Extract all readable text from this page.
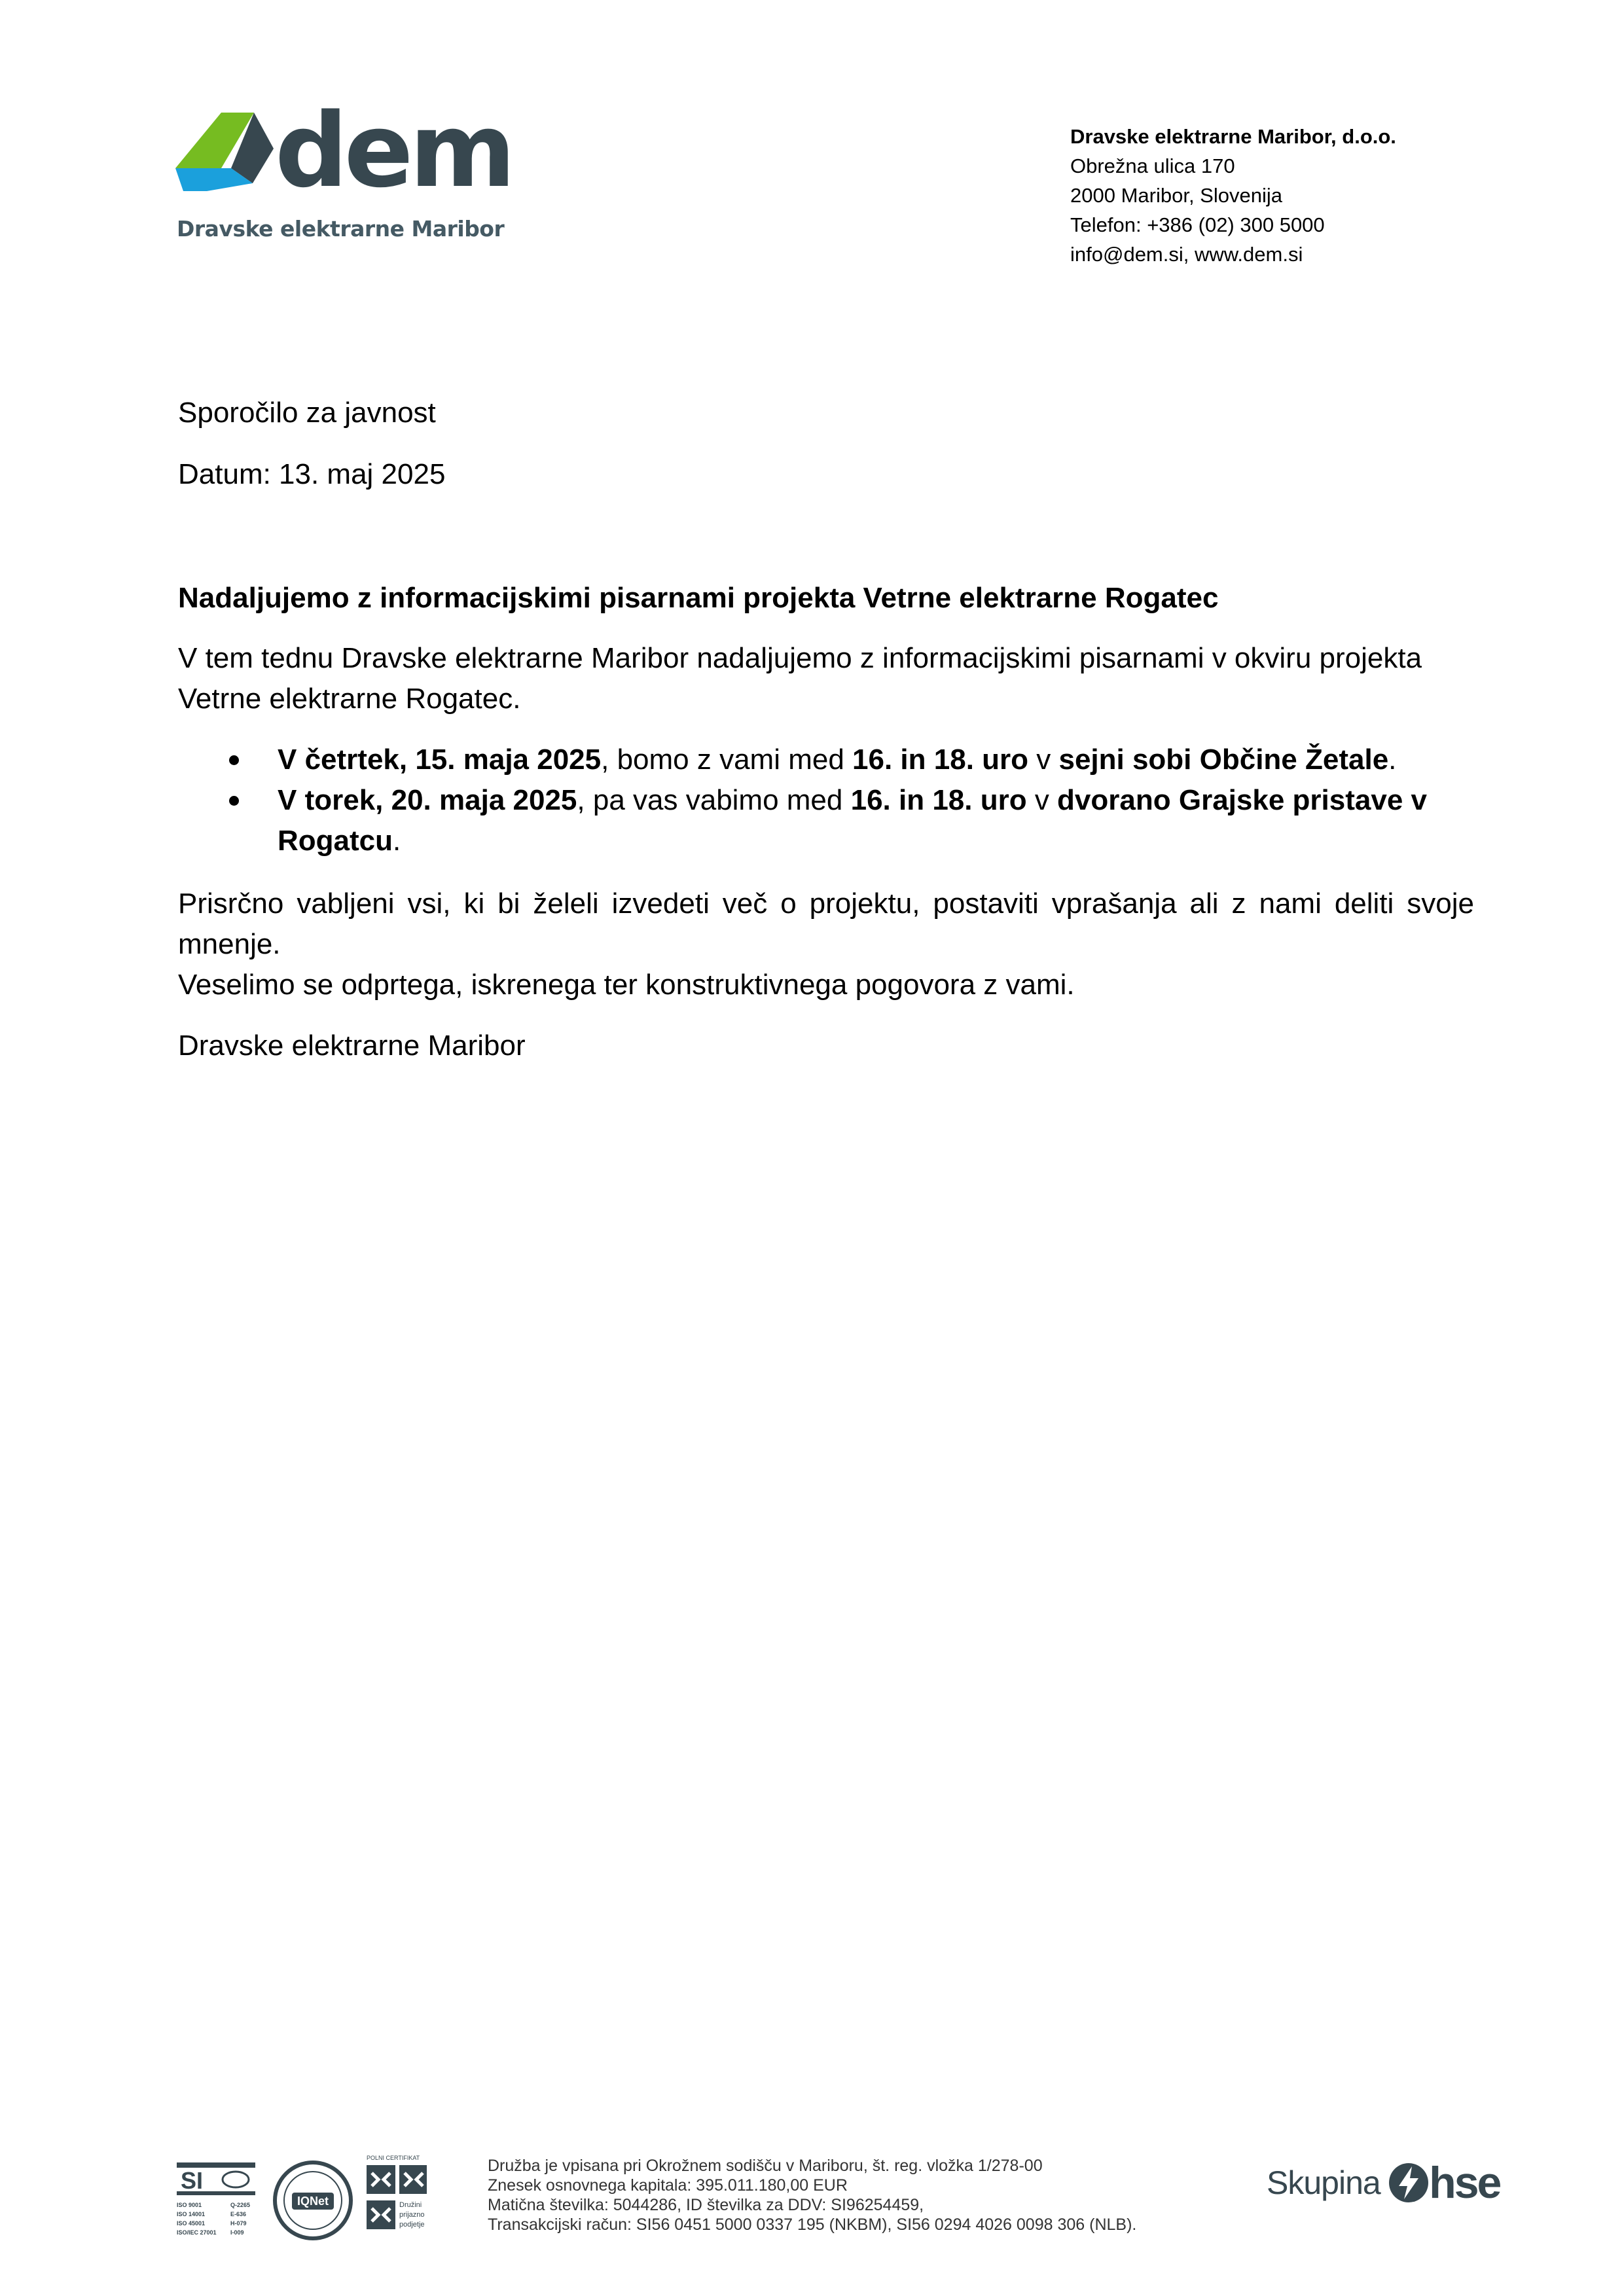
dem
Dravske elektrarne Maribor
Dravske elektrarne Maribor, d.o.o.
Obrežna ulica 170
2000 Maribor, Slovenija
Telefon: +386 (02) 300 5000
info@dem.si, www.dem.si
Sporočilo za javnost
Datum: 13. maj 2025
Nadaljujemo z informacijskimi pisarnami projekta Vetrne elektrarne Rogatec
V tem tednu Dravske elektrarne Maribor nadaljujemo z informacijskimi pisarnami v okviru projekta Vetrne elektrarne Rogatec.
V četrtek, 15. maja 2025, bomo z vami med 16. in 18. uro v sejni sobi Občine Žetale.
V torek, 20. maja 2025, pa vas vabimo med 16. in 18. uro v dvorano Grajske pristave v Rogatcu.
Prisrčno vabljeni vsi, ki bi želeli izvedeti več o projektu, postaviti vprašanja ali z nami deliti svoje mnenje.
Veselimo se odprtega, iskrenega ter konstruktivnega pogovora z vami.
Dravske elektrarne Maribor
SI
ISO 9001
ISO 14001
ISO 45001
ISO/IEC 27001
Q-2265
E-636
H-079
I-009
IQNet
POLNI CERTIFIKAT
Družini
prijazno
podjetje
Družba je vpisana pri Okrožnem sodišču v Mariboru, št. reg. vložka 1/278-00
Znesek osnovnega kapitala: 395.011.180,00 EUR
Matična številka: 5044286, ID številka za DDV: SI96254459,
Transakcijski račun: SI56 0451 5000 0337 195 (NKBM), SI56 0294 4026 0098 306 (NLB).
Skupina hse
